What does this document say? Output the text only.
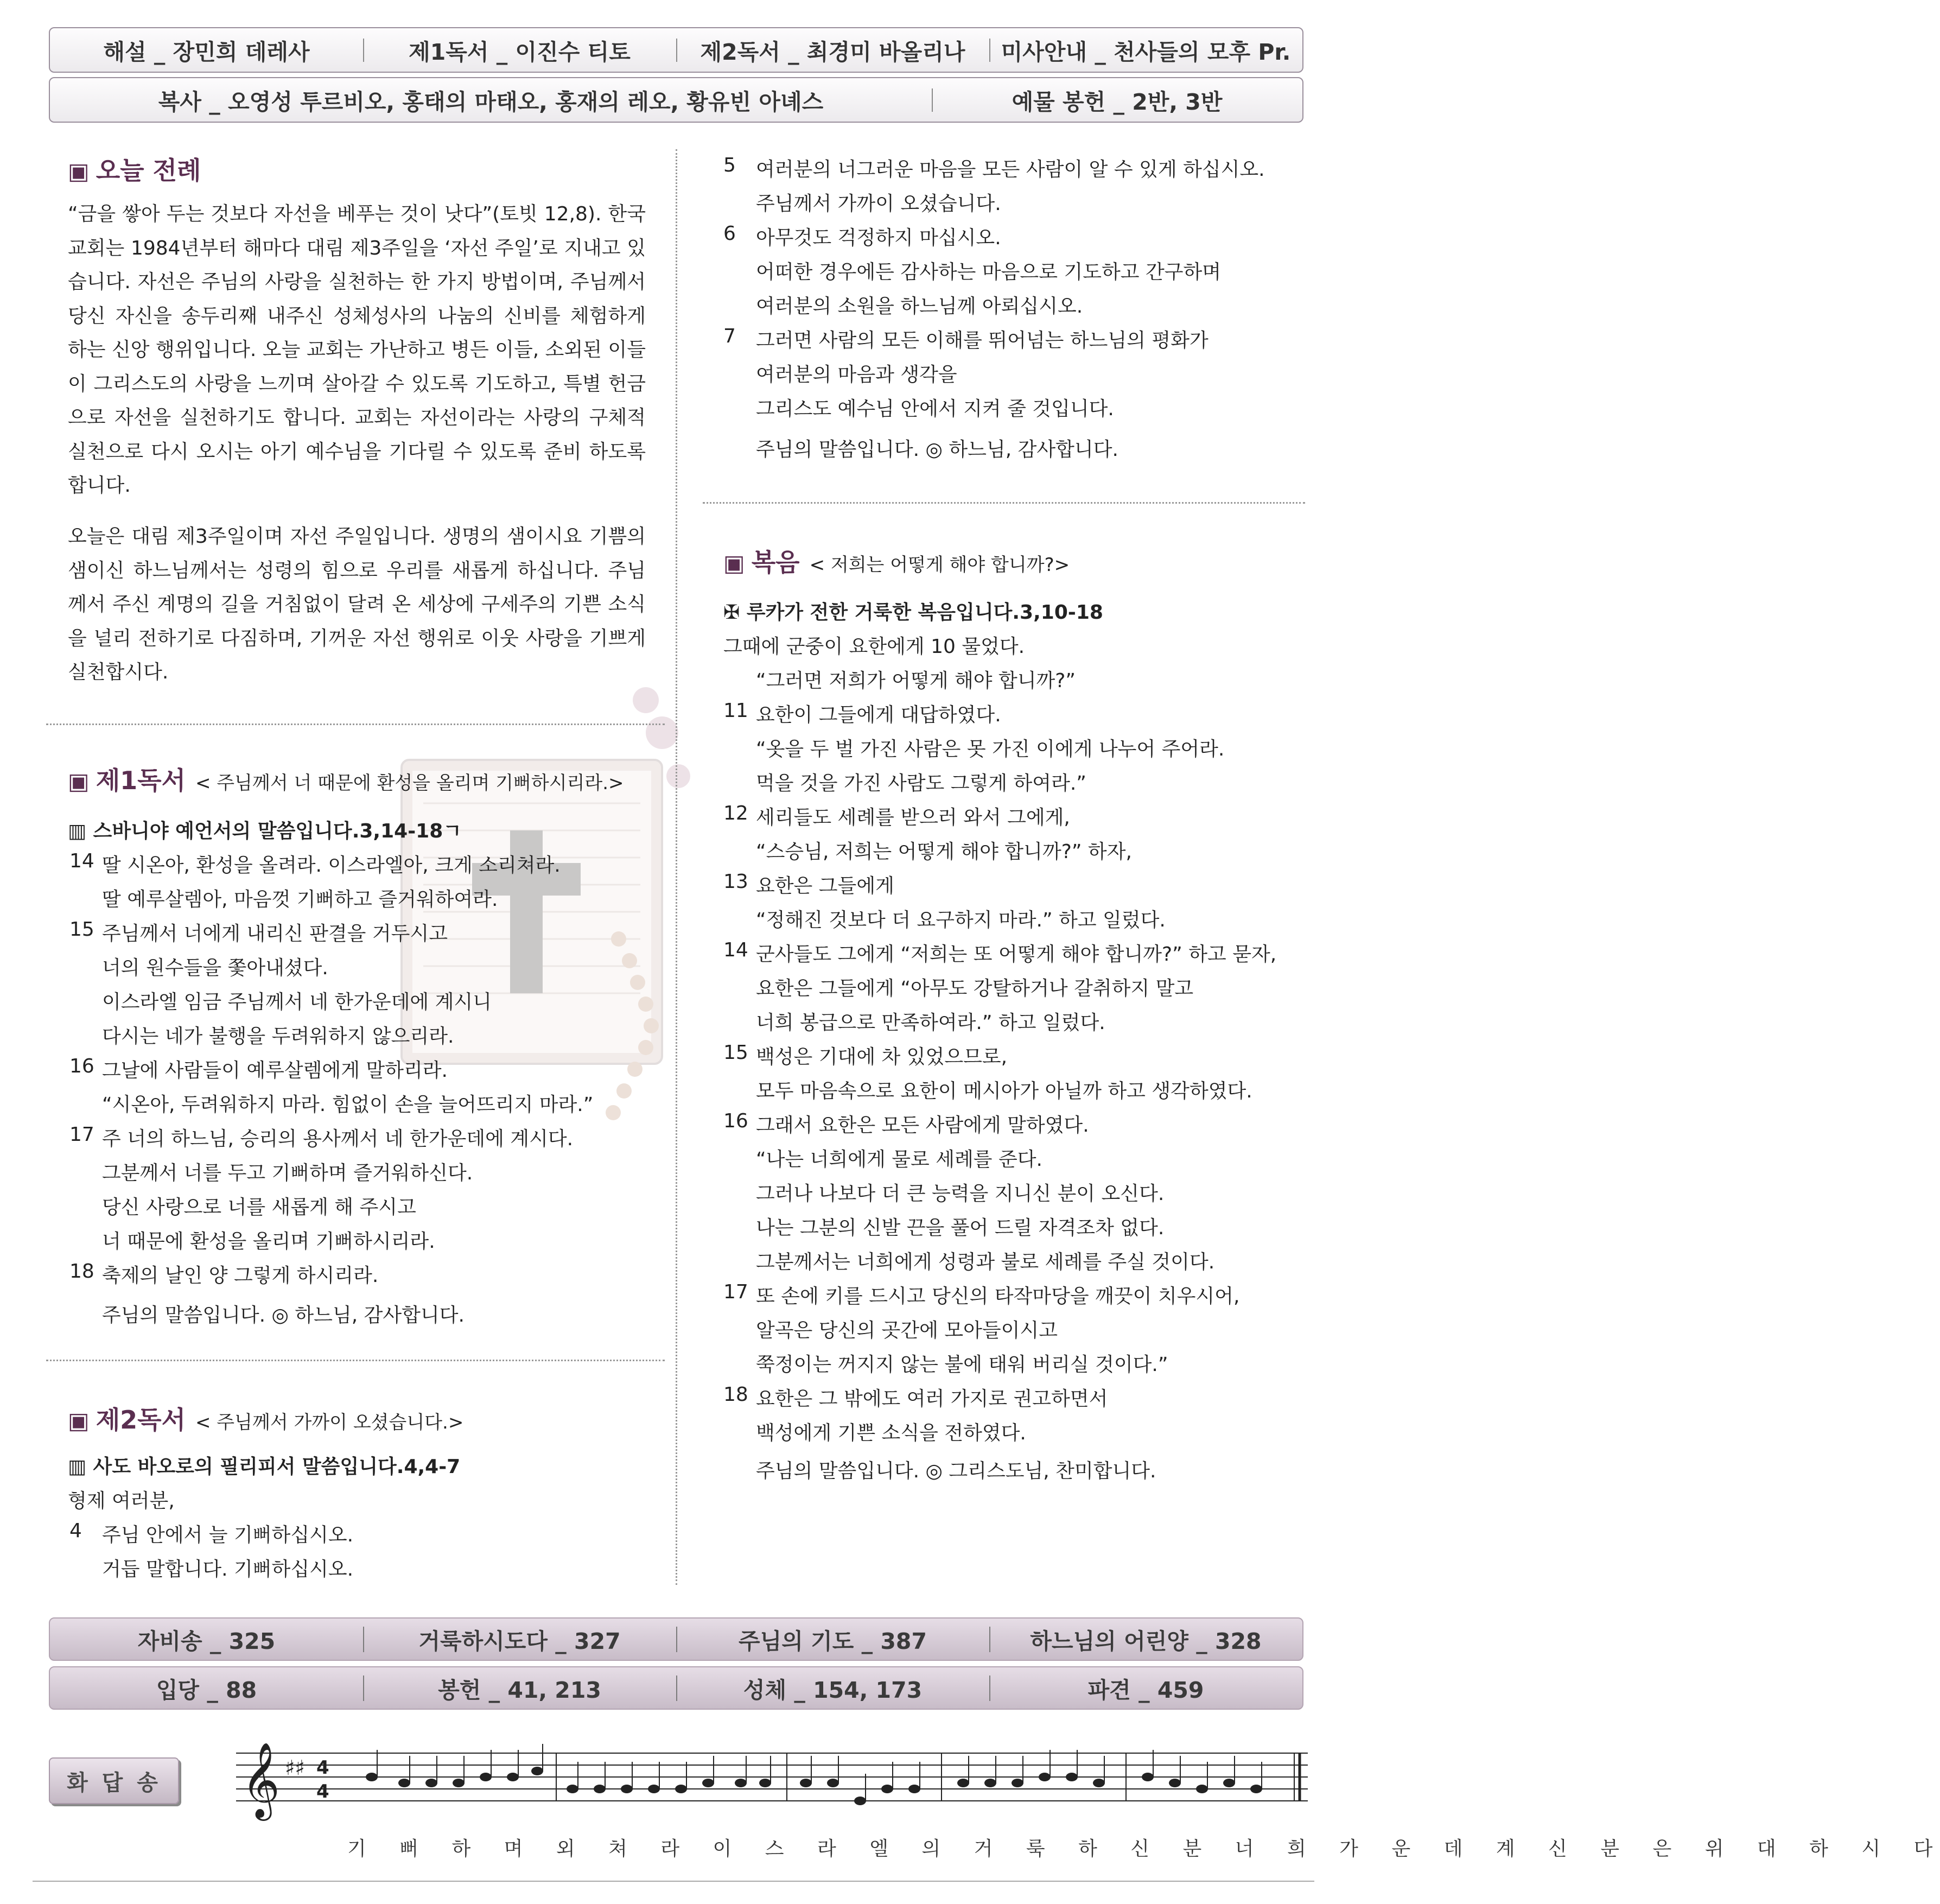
해설 _ 장민희 데레사	제1독서 _ 이진수 티토	제2독서 _ 최경미 바올리나	미사안내 _ 천사들의 모후 Pr.
복사 _ 오영성 투르비오, 홍태의 마태오, 홍재의 레오, 황유빈 아녜스	예물 봉헌 _ 2반, 3반
▣ 오늘 전례
“금을 쌓아 두는 것보다 자선을 베푸는 것이 낫다”(토빗 12,8). 한국 교회는 1984년부터 해마다 대림 제3주일을 ‘자선 주일’로 지내고 있습니다. 자선은 주님의 사랑을 실천하는 한 가지 방법이며, 주님께서 당신 자신을 송두리째 내주신 성체성사의 나눔의 신비를 체험하게 하는 신앙 행위입니다. 오늘 교회는 가난하고 병든 이들, 소외된 이들이 그리스도의 사랑을 느끼며 살아갈 수 있도록 기도하고, 특별 헌금으로 자선을 실천하기도 합니다. 교회는 자선이라는 사랑의 구체적 실천으로 다시 오시는 아기 예수님을 기다릴 수 있도록 준비 하도록 합니다.
오늘은 대림 제3주일이며 자선 주일입니다. 생명의 샘이시요 기쁨의 샘이신 하느님께서는 성령의 힘으로 우리를 새롭게 하십니다. 주님께서 주신 계명의 길을 거침없이 달려 온 세상에 구세주의 기쁜 소식을 널리 전하기로 다짐하며, 기꺼운 자선 행위로 이웃 사랑을 기쁘게 실천합시다.
▣ 제1독서 < 주님께서 너 때문에 환성을 올리며 기뻐하시리라.>
▥ 스바니야 예언서의 말씀입니다.3,14-18ㄱ
14 딸 시온아, 환성을 올려라. 이스라엘아, 크게 소리쳐라.
딸 예루살렘아, 마음껏 기뻐하고 즐거워하여라.
15 주님께서 너에게 내리신 판결을 거두시고
너의 원수들을 쫓아내셨다.
이스라엘 임금 주님께서 네 한가운데에 계시니
다시는 네가 불행을 두려워하지 않으리라.
16 그날에 사람들이 예루살렘에게 말하리라.
“시온아, 두려워하지 마라. 힘없이 손을 늘어뜨리지 마라.”
17 주 너의 하느님, 승리의 용사께서 네 한가운데에 계시다.
그분께서 너를 두고 기뻐하며 즐거워하신다.
당신 사랑으로 너를 새롭게 해 주시고
너 때문에 환성을 올리며 기뻐하시리라.
18 축제의 날인 양 그렇게 하시리라.
주님의 말씀입니다. ◎ 하느님, 감사합니다.
▣ 제2독서 < 주님께서 가까이 오셨습니다.>
▥ 사도 바오로의 필리피서 말씀입니다.4,4-7
형제 여러분,
4 주님 안에서 늘 기뻐하십시오.
거듭 말합니다. 기뻐하십시오.
5 여러분의 너그러운 마음을 모든 사람이 알 수 있게 하십시오.
주님께서 가까이 오셨습니다.
6 아무것도 걱정하지 마십시오.
어떠한 경우에든 감사하는 마음으로 기도하고 간구하며
여러분의 소원을 하느님께 아뢰십시오.
7 그러면 사람의 모든 이해를 뛰어넘는 하느님의 평화가
여러분의 마음과 생각을
그리스도 예수님 안에서 지켜 줄 것입니다.
주님의 말씀입니다. ◎ 하느님, 감사합니다.
▣ 복음 < 저희는 어떻게 해야 합니까?>
✠ 루카가 전한 거룩한 복음입니다.3,10-18
그때에 군중이 요한에게 10 물었다.
“그러면 저희가 어떻게 해야 합니까?”
11 요한이 그들에게 대답하였다.
“옷을 두 벌 가진 사람은 못 가진 이에게 나누어 주어라.
먹을 것을 가진 사람도 그렇게 하여라.”
12 세리들도 세례를 받으러 와서 그에게,
“스승님, 저희는 어떻게 해야 합니까?” 하자,
13 요한은 그들에게
“정해진 것보다 더 요구하지 마라.” 하고 일렀다.
14 군사들도 그에게 “저희는 또 어떻게 해야 합니까?” 하고 묻자,
요한은 그들에게 “아무도 강탈하거나 갈취하지 말고
너희 봉급으로 만족하여라.” 하고 일렀다.
15 백성은 기대에 차 있었으므로,
모두 마음속으로 요한이 메시아가 아닐까 하고 생각하였다.
16 그래서 요한은 모든 사람에게 말하였다.
“나는 너희에게 물로 세례를 준다.
그러나 나보다 더 큰 능력을 지니신 분이 오신다.
나는 그분의 신발 끈을 풀어 드릴 자격조차 없다.
그분께서는 너희에게 성령과 불로 세례를 주실 것이다.
17 또 손에 키를 드시고 당신의 타작마당을 깨끗이 치우시어,
알곡은 당신의 곳간에 모아들이시고
쭉정이는 꺼지지 않는 불에 태워 버리실 것이다.”
18 요한은 그 밖에도 여러 가지로 권고하면서
백성에게 기쁜 소식을 전하였다.
주님의 말씀입니다. ◎ 그리스도님, 찬미합니다.
자비송 _ 325	거룩하시도다 _ 327	주님의 기도 _ 387	하느님의 어린양 _ 328
입당 _ 88	봉헌 _ 41, 213	성체 _ 154, 173	파견 _ 459
화 답 송 𝄞 ♯♯ 4
4
기 뻐 하 며 외 쳐 라 이 스 라 엘 의 거 룩 하 신 분 너 희 가 운 데 계 신 분 은 위 대 하 시 다
